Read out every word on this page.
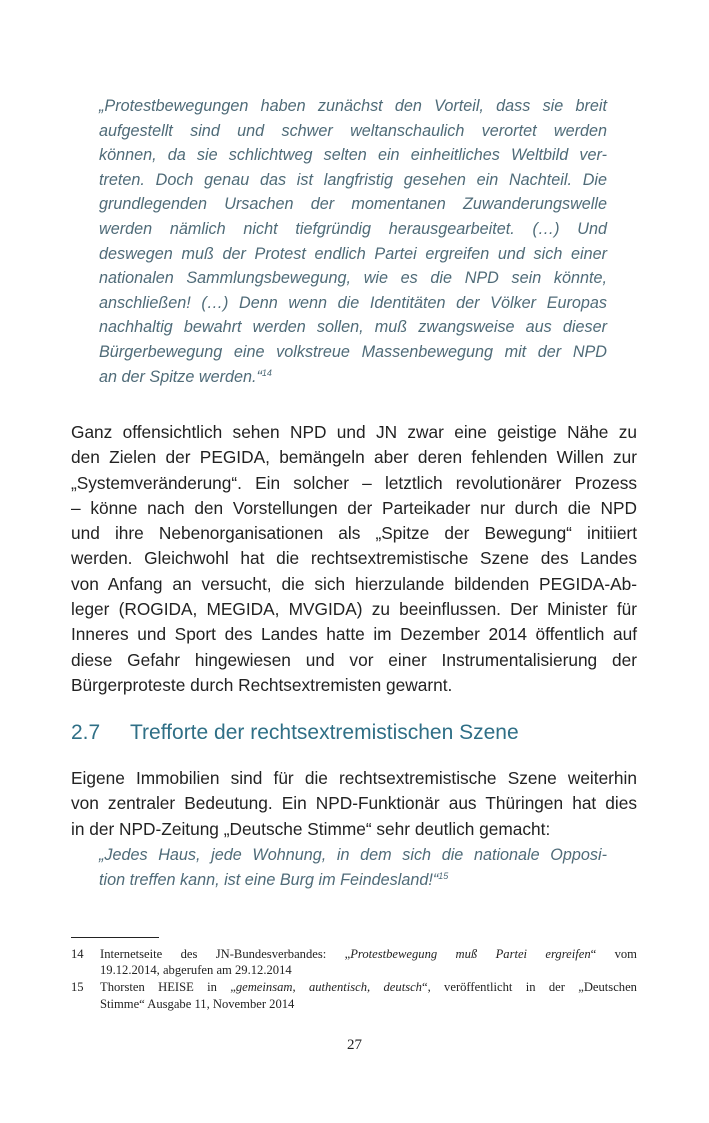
„Protestbewegungen haben zunächst den Vorteil, dass sie breit
aufgestellt sind und schwer weltanschaulich verortet werden
können, da sie schlichtweg selten ein einheitliches Weltbild ver-
treten. Doch genau das ist langfristig gesehen ein Nachteil. Die
grundlegenden Ursachen der momentanen Zuwanderungswelle
werden nämlich nicht tiefgründig herausgearbeitet. (…) Und
deswegen muß der Protest endlich Partei ergreifen und sich einer
nationalen Sammlungsbewegung, wie es die NPD sein könnte,
anschließen! (…) Denn wenn die Identitäten der Völker Europas
nachhaltig bewahrt werden sollen, muß zwangsweise aus dieser
Bürgerbewegung eine volkstreue Massenbewegung mit der NPD
an der Spitze werden.“$^{14}$
Ganz offensichtlich sehen NPD und JN zwar eine geistige Nähe zu
den Zielen der PEGIDA, bemängeln aber deren fehlenden Willen zur
„Systemveränderung“. Ein solcher – letztlich revolutionärer Prozess
– könne nach den Vorstellungen der Parteikader nur durch die NPD
und ihre Nebenorganisationen als „Spitze der Bewegung“ initiiert
werden. Gleichwohl hat die rechtsextremistische Szene des Landes
von Anfang an versucht, die sich hierzulande bildenden PEGIDA-Ab-
leger (ROGIDA, MEGIDA, MVGIDA) zu beeinflussen. Der Minister für
Inneres und Sport des Landes hatte im Dezember 2014 öffentlich auf
diese Gefahr hingewiesen und vor einer Instrumentalisierung der
Bürgerproteste durch Rechtsextremisten gewarnt.
2.7 Trefforte der rechtsextremistischen Szene
Eigene Immobilien sind für die rechtsextremistische Szene weiterhin
von zentraler Bedeutung. Ein NPD-Funktionär aus Thüringen hat dies
in der NPD-Zeitung „Deutsche Stimme“ sehr deutlich gemacht:
„Jedes Haus, jede Wohnung, in dem sich die nationale Opposi-
tion treffen kann, ist eine Burg im Feindesland!“$^{15}$
14 Internetseite des JN-Bundesverbandes: „Protestbewegung muß Partei ergreifen“ vom
19.12.2014, abgerufen am 29.12.2014
15 Thorsten HEISE in „gemeinsam, authentisch, deutsch“, veröffentlicht in der „Deutschen
Stimme“ Ausgabe 11, November 2014
27
